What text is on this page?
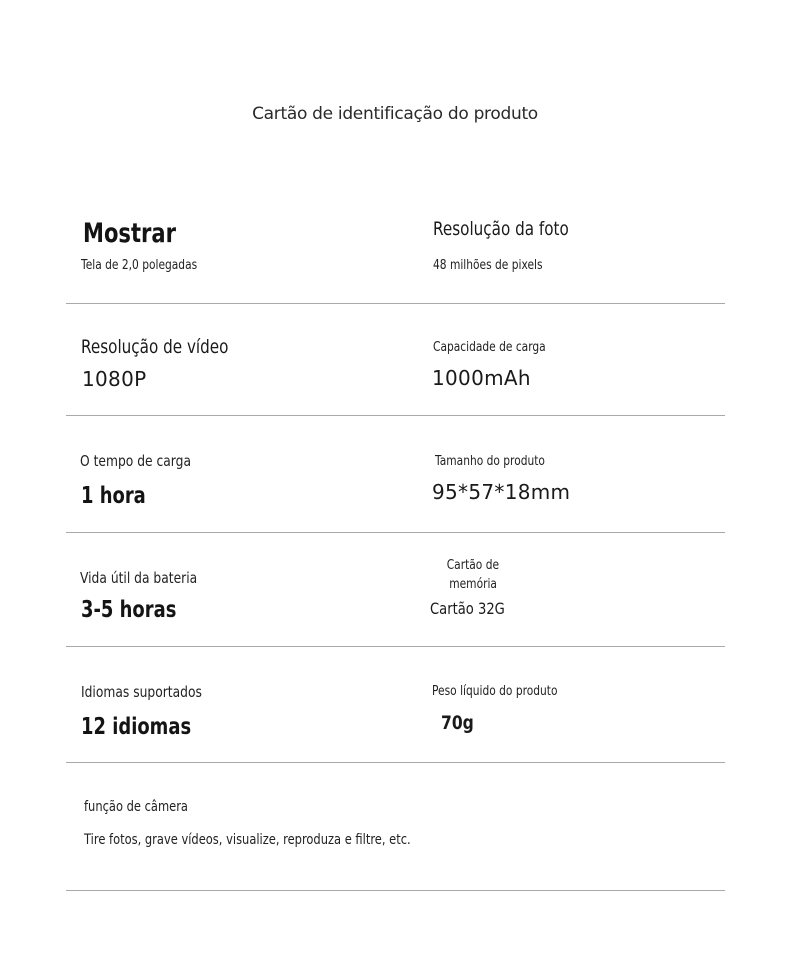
Cartão de identificação do produto
Mostrar
Tela de 2,0 polegadas
Resolução da foto
48 milhões de pixels
Resolução de vídeo
1080P
Capacidade de carga
1000mAh
O tempo de carga
1 hora
Tamanho do produto
95*57*18mm
Vida útil da bateria
3-5 horas
Cartão de
memória
Cartão 32G
Idiomas suportados
12 idiomas
Peso líquido do produto
70g
função de câmera
Tire fotos, grave vídeos, visualize, reproduza e filtre, etc.
